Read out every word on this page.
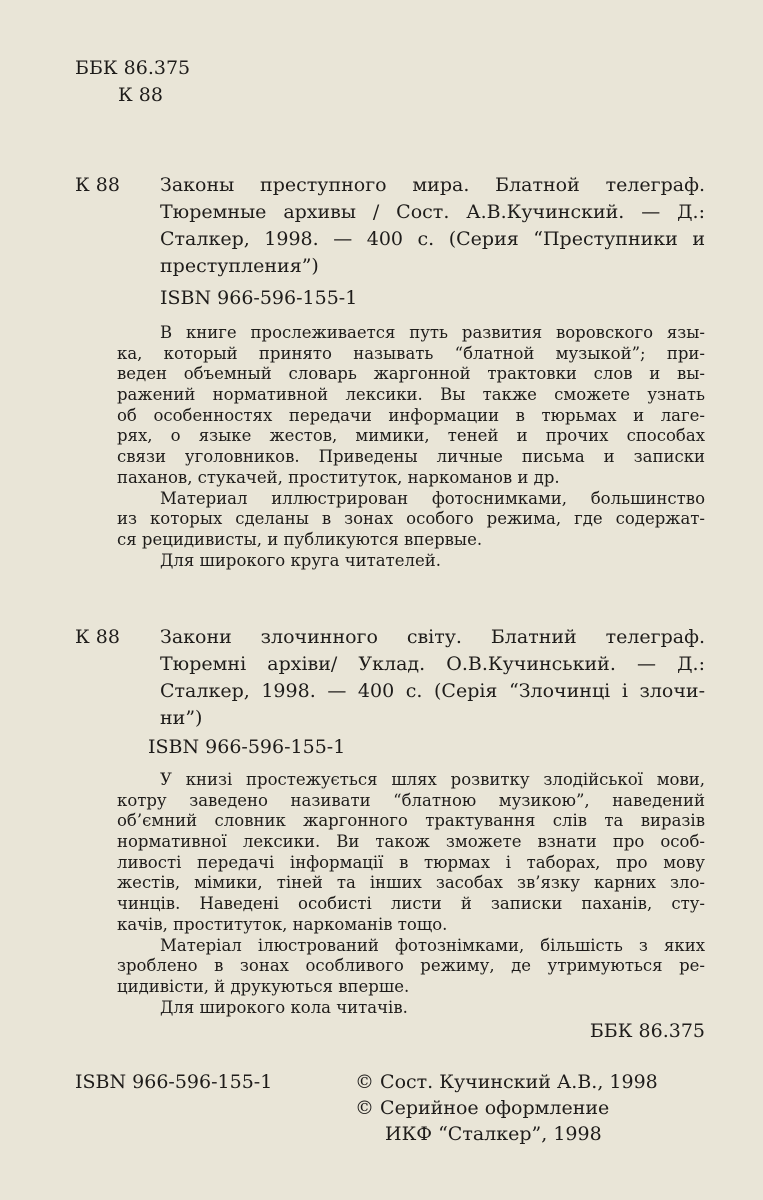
ББК 86.375
К 88
К 88 Законы преступного мира. Блатной телеграф.
Тюремные архивы / Сост. А.В.Кучинский. — Д.:
Сталкер, 1998. — 400 с. (Серия “Преступники и
преступления”)
ISBN 966-596-155-1
В книге прослеживается путь развития воровского язы-
ка, который принято называть “блатной музыкой”; при-
веден объемный словарь жаргонной трактовки слов и вы-
ражений нормативной лексики. Вы также сможете узнать
об особенностях передачи информации в тюрьмах и лаге-
рях, о языке жестов, мимики, теней и прочих способах
связи уголовников. Приведены личные письма и записки
паханов, стукачей, проституток, наркоманов и др.
Материал иллюстрирован фотоснимками, большинство
из которых сделаны в зонах особого режима, где содержат-
ся рецидивисты, и публикуются впервые.
Для широкого круга читателей.
К 88 Закони злочинного світу. Блатний телеграф.
Тюремні архіви/ Уклад. О.В.Кучинський. — Д.:
Сталкер, 1998. — 400 с. (Серія “Злочинці і злочи-
ни”)
ISBN 966-596-155-1
У книзі простежується шлях розвитку злодійської мови,
котру заведено називати “блатною музикою”, наведений
об’ємний словник жаргонного трактування слів та виразів
нормативної лексики. Ви також зможете взнати про особ-
ливості передачі інформації в тюрмах і таборах, про мову
жестів, мімики, тіней та інших засобах зв’язку карних зло-
чинців. Наведені особисті листи й записки паханів, сту-
качів, проституток, наркоманів тощо.
Матеріал ілюстрований фотознімками, більшість з яких
зроблено в зонах особливого режиму, де утримуються ре-
цидивісти, й друкуються вперше.
Для широкого кола читачів.
ББК 86.375
ISBN 966-596-155-1	© Сост. Кучинский А.В., 1998
© Серийное оформление
ИКФ “Сталкер”, 1998
